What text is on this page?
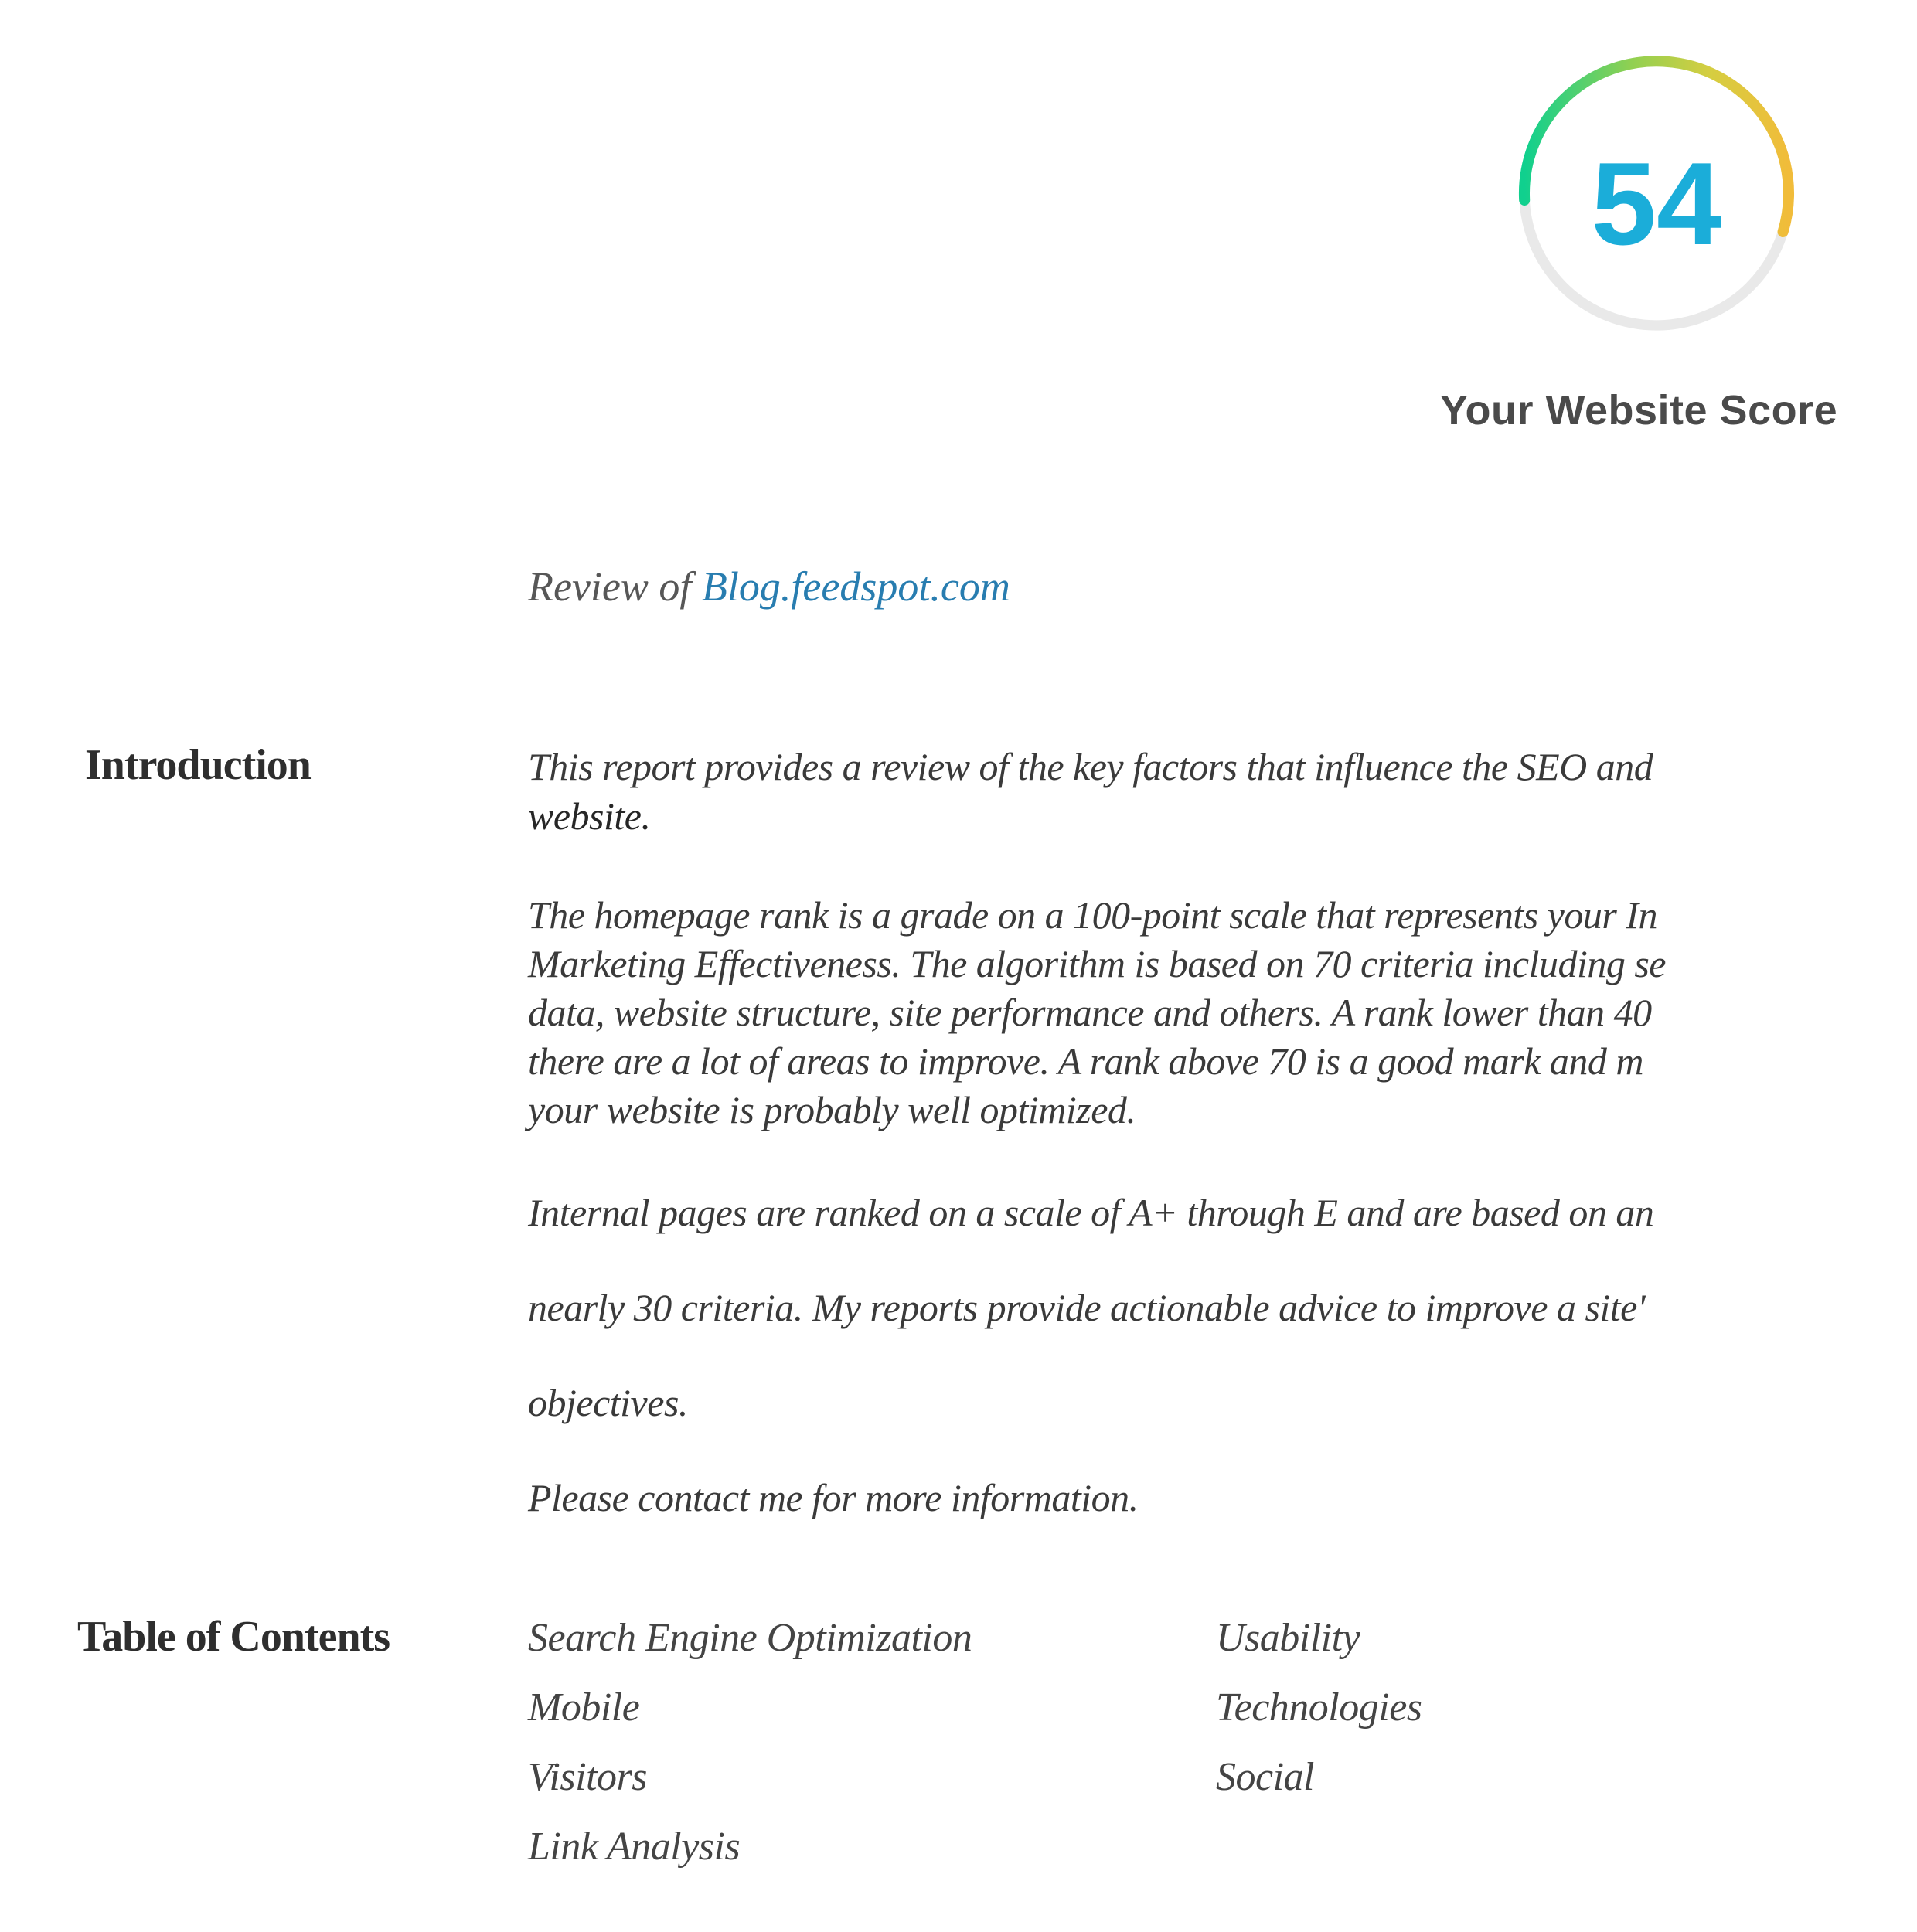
54
Your Website Score
Review of Blog.feedspot.com
Introduction	This report provides a review of the key factors that influence the SEO and
website.
The homepage rank is a grade on a 100-point scale that represents your In
Marketing Effectiveness. The algorithm is based on 70 criteria including se
data, website structure, site performance and others. A rank lower than 40
there are a lot of areas to improve. A rank above 70 is a good mark and m
your website is probably well optimized.
Internal pages are ranked on a scale of A+ through E and are based on an
nearly 30 criteria. My reports provide actionable advice to improve a site'
objectives.
Please contact me for more information.
Table of Contents	Search Engine Optimization
Mobile
Visitors
Link Analysis
Usability
Technologies
Social
